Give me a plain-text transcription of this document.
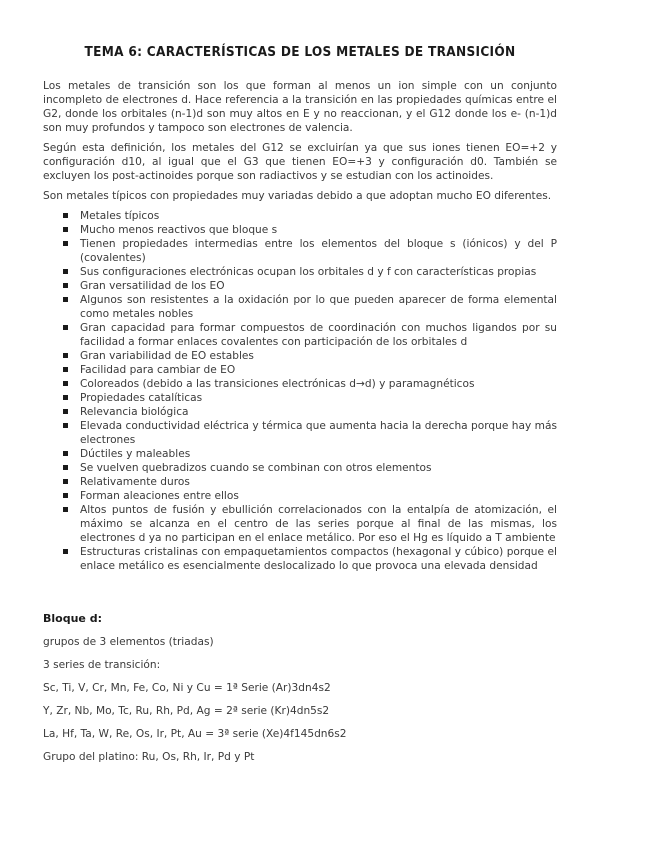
TEMA 6: CARACTERÍSTICAS DE LOS METALES DE TRANSICIÓN

Los metales de transición son los que forman al menos un ion simple con un conjunto incompleto de electrones d. Hace referencia a la transición en las propiedades químicas entre el G2, donde los orbitales (n-1)d son muy altos en E y no reaccionan, y el G12 donde los e- (n-1)d son muy profundos y tampoco son electrones de valencia.

Según esta definición, los metales del G12 se excluirían ya que sus iones tienen EO=+2 y configuración d10, al igual que el G3 que tienen EO=+3 y configuración d0. También se excluyen los post-actinoides porque son radiactivos y se estudian con los actinoides.

Son metales típicos con propiedades muy variadas debido a que adoptan mucho EO diferentes.

Metales típicos
Mucho menos reactivos que bloque s
Tienen propiedades intermedias entre los elementos del bloque s (iónicos) y del P (covalentes)
Sus configuraciones electrónicas ocupan los orbitales d y f con características propias
Gran versatilidad de los EO
Algunos son resistentes a la oxidación por lo que pueden aparecer de forma elemental como metales nobles
Gran capacidad para formar compuestos de coordinación con muchos ligandos por su facilidad a formar enlaces covalentes con participación de los orbitales d
Gran variabilidad de EO estables
Facilidad para cambiar de EO
Coloreados (debido a las transiciones electrónicas d→d) y paramagnéticos
Propiedades catalíticas
Relevancia biológica
Elevada conductividad eléctrica y térmica que aumenta hacia la derecha porque hay más electrones
Dúctiles y maleables
Se vuelven quebradizos cuando se combinan con otros elementos
Relativamente duros
Forman aleaciones entre ellos
Altos puntos de fusión y ebullición correlacionados con la entalpía de atomización, el máximo se alcanza en el centro de las series porque al final de las mismas, los electrones d ya no participan en el enlace metálico. Por eso el Hg es líquido a T ambiente
Estructuras cristalinas con empaquetamientos compactos (hexagonal y cúbico) porque el enlace metálico es esencialmente deslocalizado lo que provoca una elevada densidad
Bloque d:
grupos de 3 elementos (triadas)
3 series de transición:
Sc, Ti, V, Cr, Mn, Fe, Co, Ni y Cu = 1ª Serie (Ar)3dn4s2
Y, Zr, Nb, Mo, Tc, Ru, Rh, Pd, Ag = 2ª serie (Kr)4dn5s2
La, Hf, Ta, W, Re, Os, Ir, Pt, Au = 3ª serie (Xe)4f145dn6s2
Grupo del platino: Ru, Os, Rh, Ir, Pd y Pt
